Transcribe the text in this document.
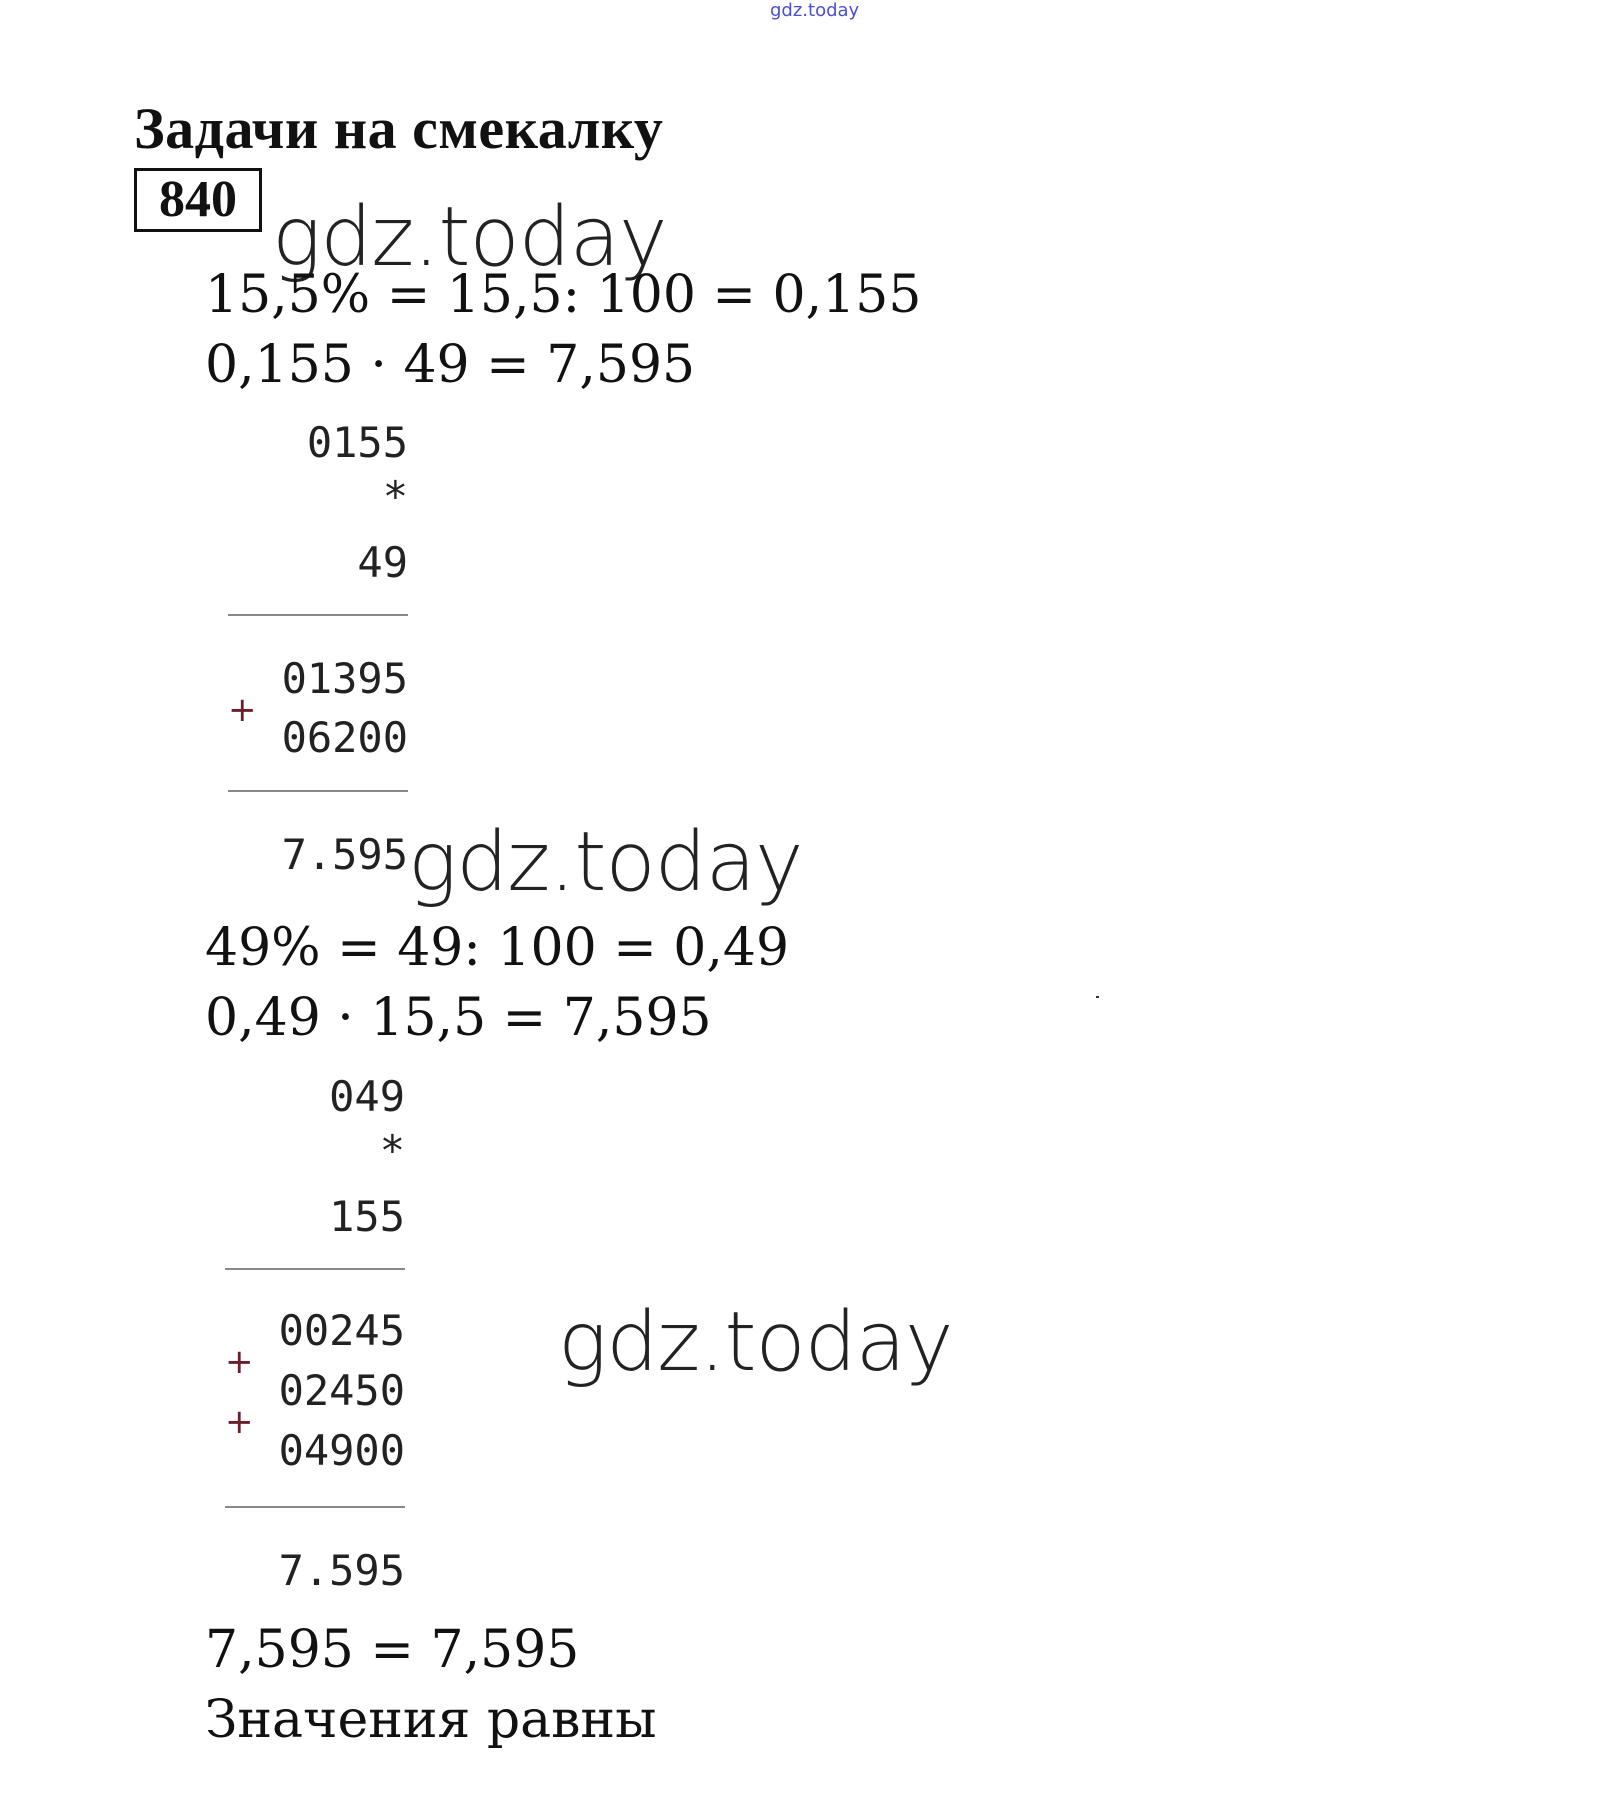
gdz.today
Задачи на смекалку
840 gdz.today
15,5% = 15,5: 100 = 0,155
0,155 · 49 = 7,595
0155
*
49
01395
+
06200
7.595 gdz.today
49% = 49: 100 = 0,49
0,49 · 15,5 = 7,595
049
*
155
00245
+
02450
+
04900
7.595
gdz.today
7,595 = 7,595
Значения равны
